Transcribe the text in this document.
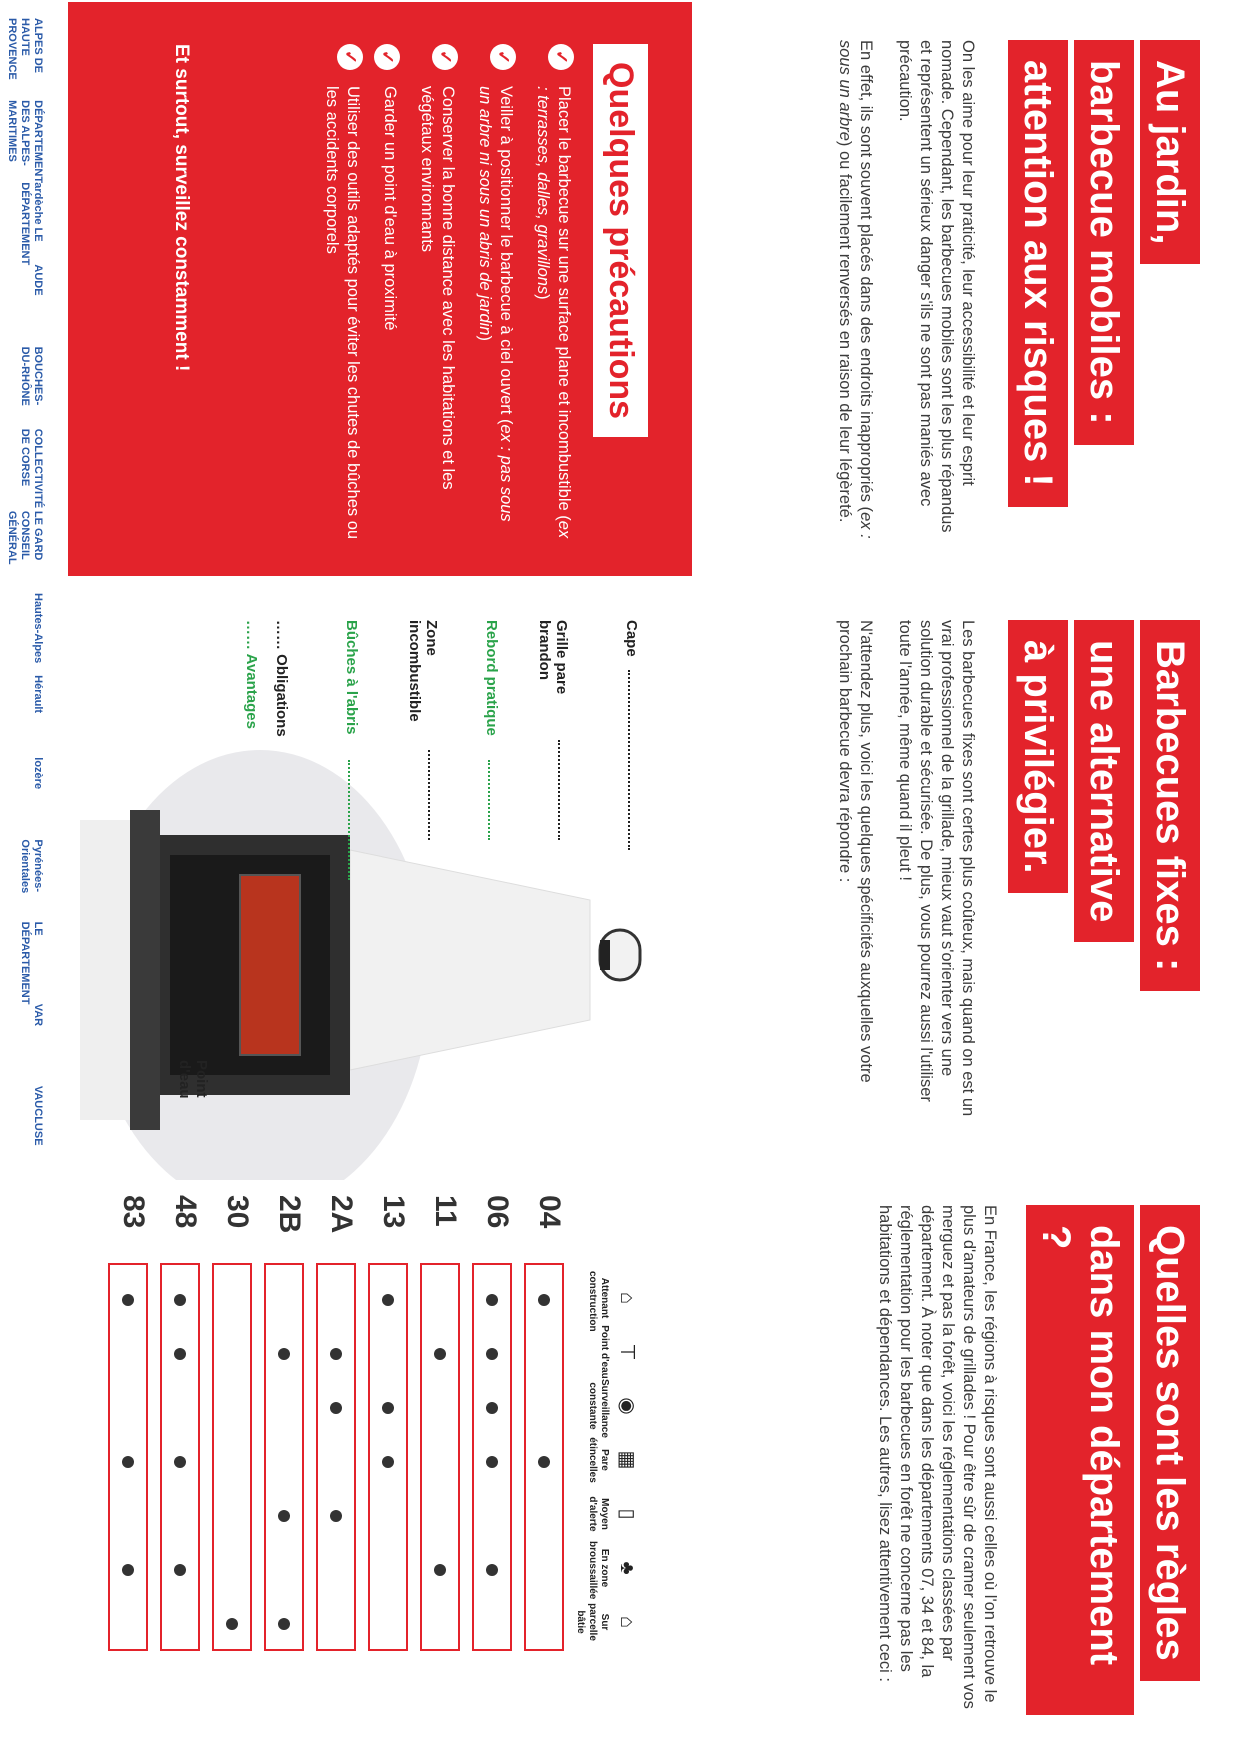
Au jardin,
barbecue mobiles :
attention aux risques !

On les aime pour leur praticité, leur accessibilité et leur esprit nomade. Cependant, les barbecues mobiles sont les plus répandus et représentent un sérieux danger s'ils ne sont pas maniés avec précaution.

En effet, ils sont souvent placés dans des endroits inappropriés (ex : sous un arbre) ou facilement renversés en raison de leur légèreté.

Barbecues fixes :
une alternative
à privilégier.

Les barbecues fixes sont certes plus coûteux, mais quand on est un vrai professionnel de la grillade, mieux vaut s'orienter vers une solution durable et sécurisée. De plus, vous pourrez aussi l'utiliser toute l'année, même quand il pleut !

N'attendez plus, voici les quelques spécificités auxquelles votre prochain barbecue devra répondre :

Quelles sont les règles
dans mon département ?

En France, les régions à risques sont aussi celles où l'on retrouve le plus d'amateurs de grillades ! Pour être sûr de cramer seulement vos merguez et pas la forêt, voici les réglementations classées par département. À noter que dans les départements 07, 34 et 84, la réglementation pour les barbecues en forêt ne concerne pas les habitations et dépendances. Les autres, lisez attentivement ceci :

Quelques précautions
✓
Placer le barbecue sur une surface plane et incombustible (ex : terrasses, dalles, gravillons)
✓
Veiller à positionner le barbecue à ciel ouvert (ex : pas sous un arbre ni sous un abris de jardin)
✓
Conserver la bonne distance avec les habitations et les végétaux environnants
✓
Garder un point d'eau à proximité
✓
Utiliser des outils adaptés pour éviter les chutes de bûches ou les accidents corporels
Et surtout, surveillez constamment !
Cape
Grille pare brandon
Rebord pratique
Zone incombustible
Bûches à l'abris
Point d'eau
…… Obligations
…… Avantages
⌂
Attenant construction
⊤
Point d'eau
◉
Surveillance constante
▦
Pare étincelles
▯
Moyen d'alerte
♣
En zone broussaillée
⌂
Sur parcelle bâtie
04
06
11
13
2A
2B
30
48
83
ALPES DE HAUTE PROVENCE
DÉPARTEMENT DES ALPES-MARITIMES
ardèche LE DÉPARTEMENT
AUDE
BOUCHES-DU-RHÔNE
COLLECTIVITÉ DE CORSE
LE GARD CONSEIL GÉNÉRAL
Hautes-Alpes
Hérault
lozère
Pyrénées-Orientales
LE DÉPARTEMENT
VAR
VAUCLUSE
